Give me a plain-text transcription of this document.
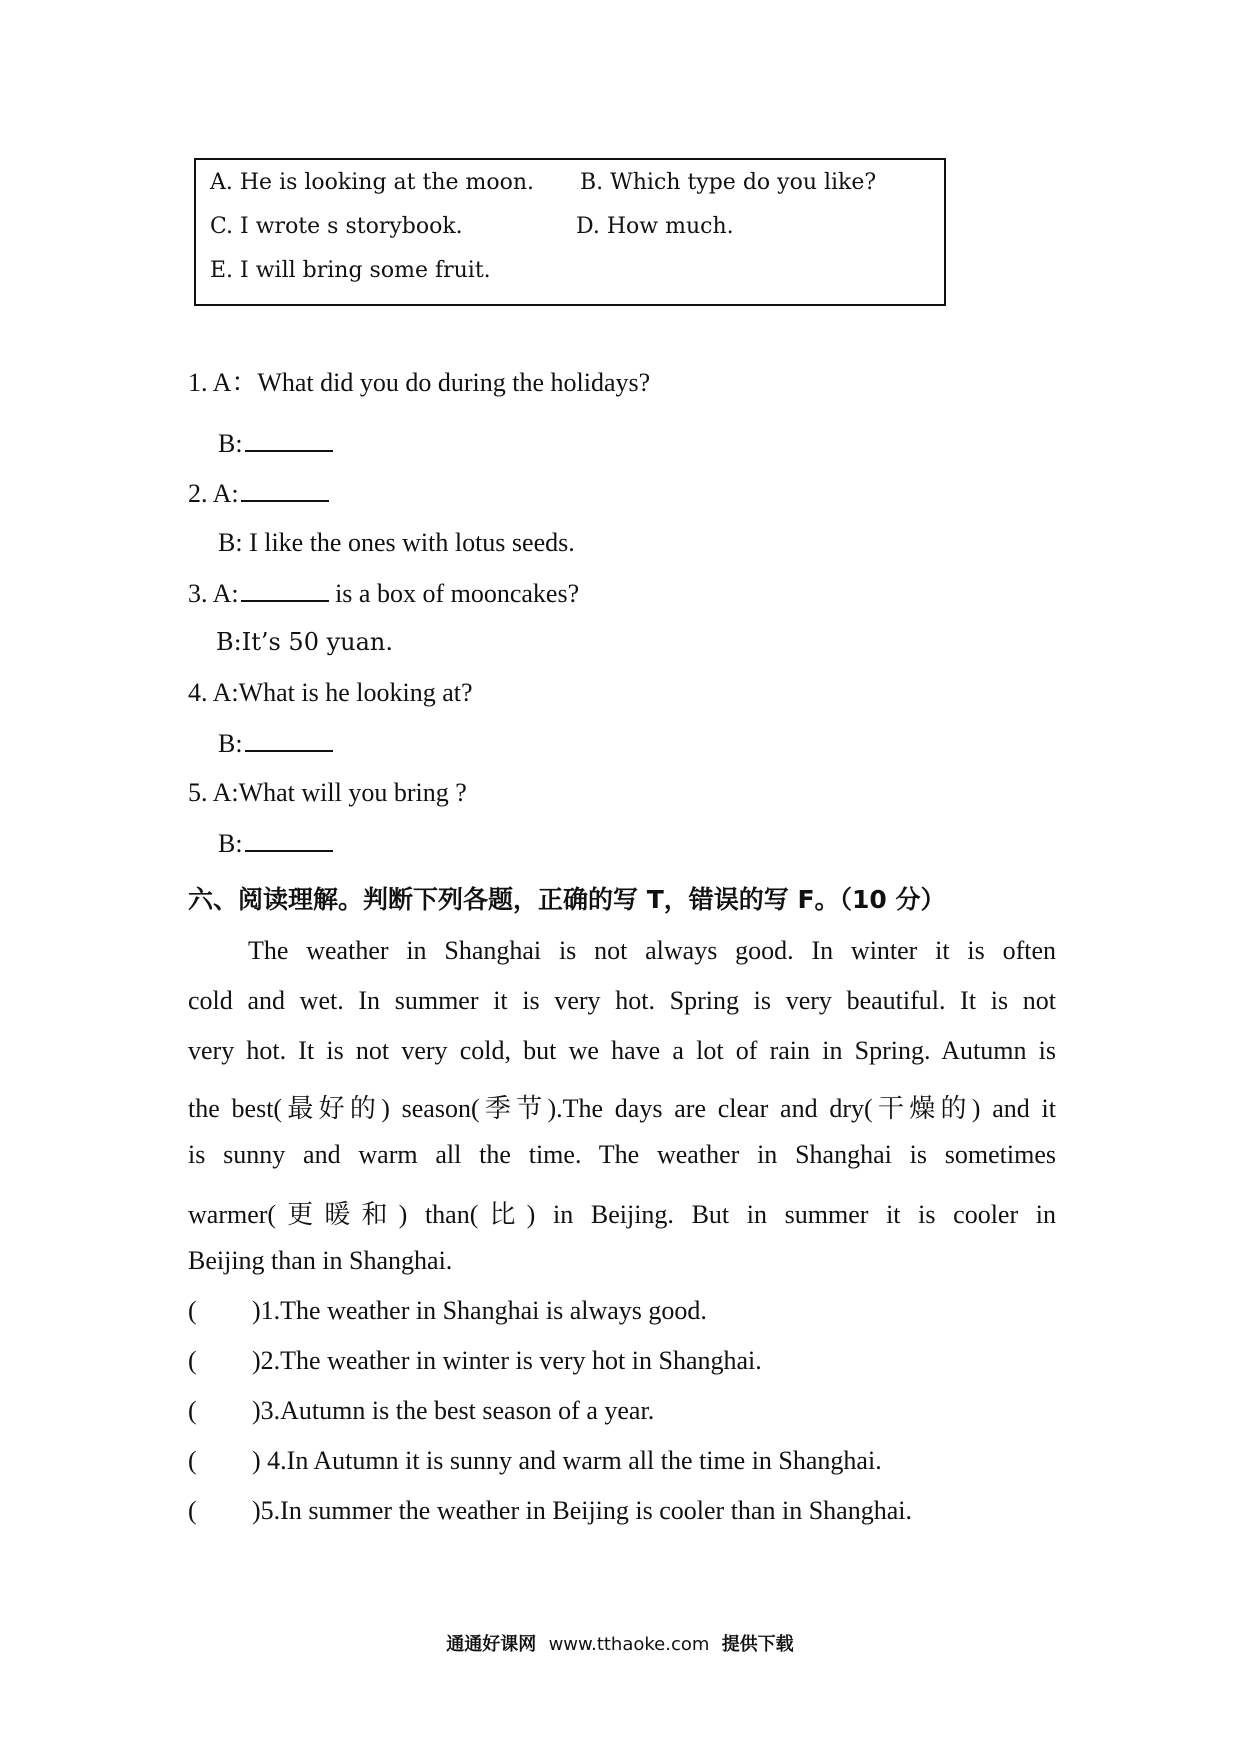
A. He is looking at the moon. B. Which type do you like?
C. I wrote s storybook.	D. How much.
E. I will bring some fruit.
1. A：What did you do during the holidays?
B:
2. A:
B: I like the ones with lotus seeds.
3. A:	is a box of mooncakes?
B:It’s 50 yuan.
4. A:What is he looking at?
B:
5. A:What will you bring ?
B:
六、阅读理解。判断下列各题，正确的写 T，错误的写 F。（10 分）
The weather in Shanghai is not always good. In winter it is often
cold and wet. In summer it is very hot. Spring is very beautiful. It is not
very hot. It is not very cold, but we have a lot of rain in Spring. Autumn is
the best(最好的) season(季节).The days are clear and dry(干燥的) and it
is sunny and warm all the time. The weather in Shanghai is sometimes
warmer(更暖和) than(比) in Beijing. But in summer it is cooler in
Beijing than in Shanghai.
( )1.The weather in Shanghai is always good.
( )2.The weather in winter is very hot in Shanghai.
( )3.Autumn is the best season of a year.
( ) 4.In Autumn it is sunny and warm all the time in Shanghai.
( )5.In summer the weather in Beijing is cooler than in Shanghai.
通通好课网 www.tthaoke.com 提供下载
